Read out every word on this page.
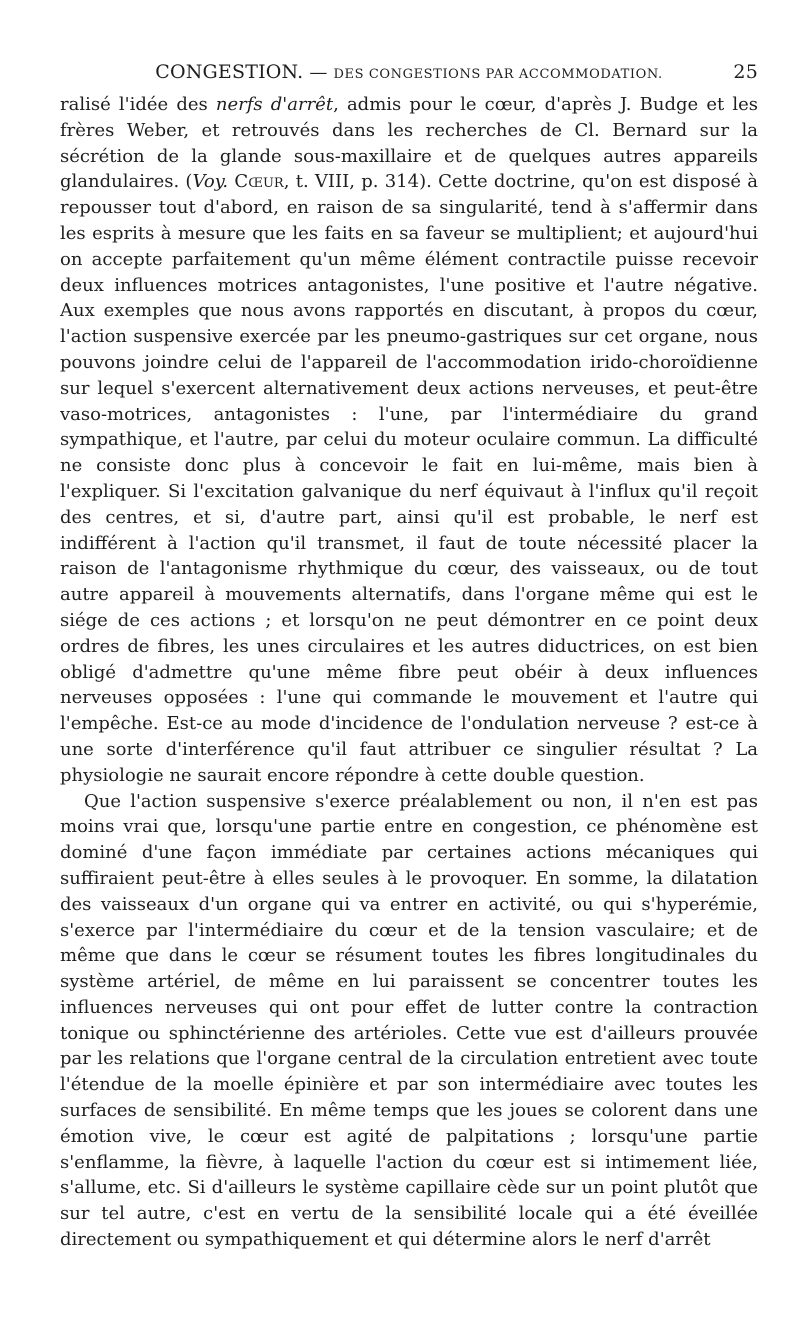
CONGESTION. — DES CONGESTIONS PAR ACCOMMODATION.	25

ralisé l'idée des nerfs d'arrêt, admis pour le cœur, d'après J. Budge et les frères Weber, et retrouvés dans les recherches de Cl. Bernard sur la sécrétion de la glande sous-maxillaire et de quelques autres appareils glandulaires. (Voy. Cœur, t. VIII, p. 314). Cette doctrine, qu'on est disposé à repousser tout d'abord, en raison de sa singularité, tend à s'affermir dans les esprits à mesure que les faits en sa faveur se multiplient; et aujourd'hui on accepte parfaitement qu'un même élément contractile puisse recevoir deux influences motrices antagonistes, l'une positive et l'autre négative. Aux exemples que nous avons rapportés en discutant, à propos du cœur, l'action suspensive exercée par les pneumo-gastriques sur cet organe, nous pouvons joindre celui de l'appareil de l'accommodation irido-choroïdienne sur lequel s'exercent alternativement deux actions nerveuses, et peut-être vaso-motrices, antagonistes : l'une, par l'intermédiaire du grand sympathique, et l'autre, par celui du moteur oculaire commun. La difficulté ne consiste donc plus à concevoir le fait en lui-même, mais bien à l'expliquer. Si l'excitation galvanique du nerf équivaut à l'influx qu'il reçoit des centres, et si, d'autre part, ainsi qu'il est probable, le nerf est indifférent à l'action qu'il transmet, il faut de toute nécessité placer la raison de l'antagonisme rhythmique du cœur, des vaisseaux, ou de tout autre appareil à mouvements alternatifs, dans l'organe même qui est le siége de ces actions ; et lorsqu'on ne peut démontrer en ce point deux ordres de fibres, les unes circulaires et les autres diductrices, on est bien obligé d'admettre qu'une même fibre peut obéir à deux influences nerveuses opposées : l'une qui commande le mouvement et l'autre qui l'empêche. Est-ce au mode d'incidence de l'ondulation nerveuse ? est-ce à une sorte d'interférence qu'il faut attribuer ce singulier résultat ? La physiologie ne saurait encore répondre à cette double question.

Que l'action suspensive s'exerce préalablement ou non, il n'en est pas moins vrai que, lorsqu'une partie entre en congestion, ce phénomène est dominé d'une façon immédiate par certaines actions mécaniques qui suffiraient peut-être à elles seules à le provoquer. En somme, la dilatation des vaisseaux d'un organe qui va entrer en activité, ou qui s'hyperémie, s'exerce par l'intermédiaire du cœur et de la tension vasculaire; et de même que dans le cœur se résument toutes les fibres longitudinales du système artériel, de même en lui paraissent se concentrer toutes les influences nerveuses qui ont pour effet de lutter contre la contraction tonique ou sphinctérienne des artérioles. Cette vue est d'ailleurs prouvée par les relations que l'organe central de la circulation entretient avec toute l'étendue de la moelle épinière et par son intermédiaire avec toutes les surfaces de sensibilité. En même temps que les joues se colorent dans une émotion vive, le cœur est agité de palpitations ; lorsqu'une partie s'enflamme, la fièvre, à laquelle l'action du cœur est si intimement liée, s'allume, etc. Si d'ailleurs le système capillaire cède sur un point plutôt que sur tel autre, c'est en vertu de la sensibilité locale qui a été éveillée directement ou sympathiquement et qui détermine alors le nerf d'arrêt
